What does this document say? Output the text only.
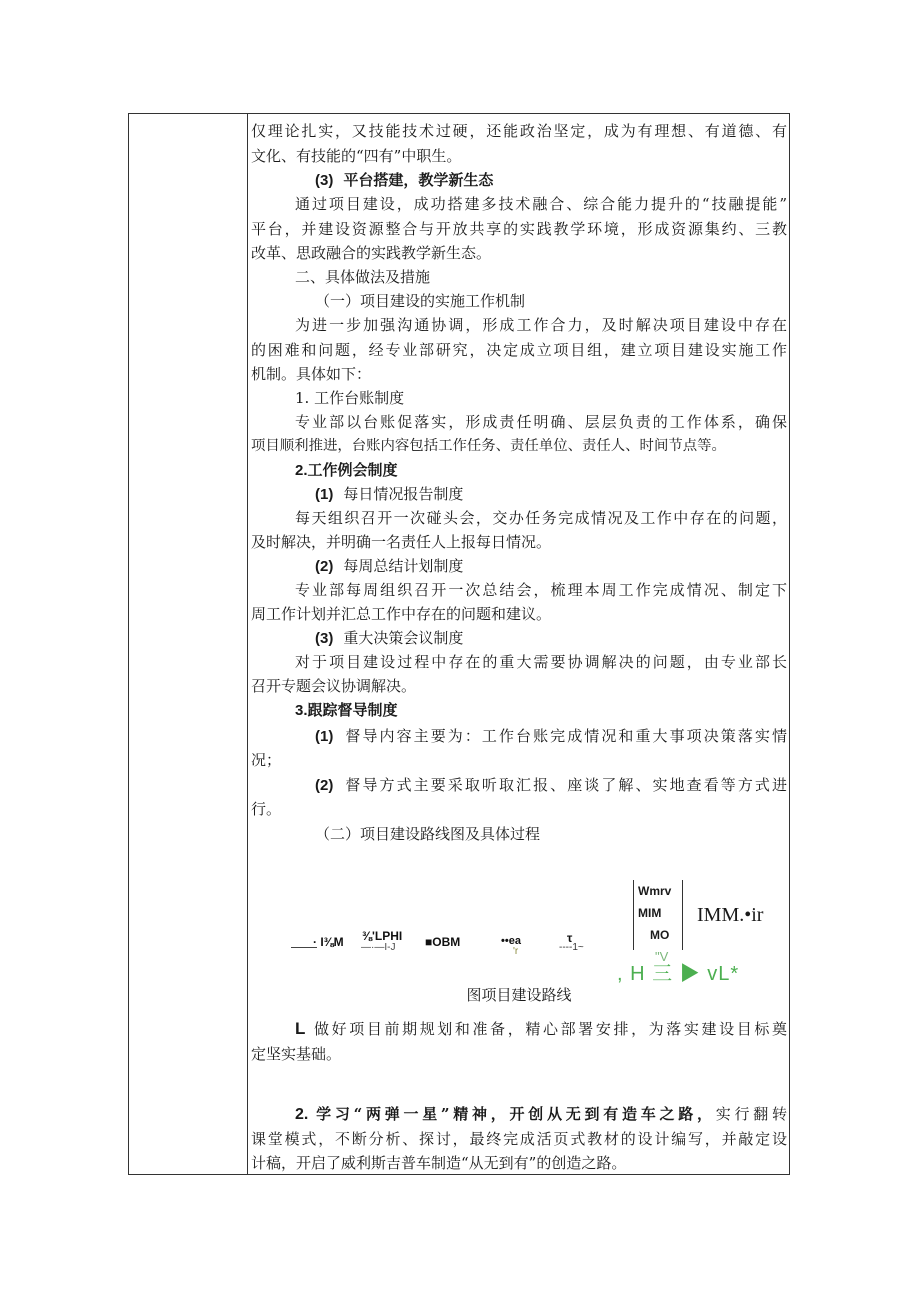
仅理论扎实，又技能技术过硬，还能政治坚定，成为有理想、有道德、有
文化、有技能的“四有”中职生。
(3) 平台搭建，教学新生态
通过项目建设，成功搭建多技术融合、综合能力提升的“技融提能”
平台，并建设资源整合与开放共享的实践教学环境，形成资源集约、三教
改革、思政融合的实践教学新生态。
二、具体做法及措施
（一）项目建设的实施工作机制
为进一步加强沟通协调，形成工作合力，及时解决项目建设中存在
的困难和问题，经专业部研究，决定成立项目组，建立项目建设实施工作
机制。具体如下：
1. 工作台账制度
专业部以台账促落实，形成责任明确、层层负责的工作体系，确保
项目顺利推进，台账内容包括工作任务、责任单位、责任人、时间节点等。
2.工作例会制度
(1) 每日情况报告制度
每天组织召开一次碰头会，交办任务完成情况及工作中存在的问题，
及时解决，并明确一名责任人上报每日情况。
(2) 每周总结计划制度
专业部每周组织召开一次总结会，梳理本周工作完成情况、制定下
周工作计划并汇总工作中存在的问题和建议。
(3) 重大决策会议制度
对于项目建设过程中存在的重大需要协调解决的问题，由专业部长
召开专题会议协调解决。
3.跟踪督导制度
(1) 督导内容主要为：工作台账完成情况和重大事项决策落实情
况；
(2) 督导方式主要采取听取汇报、座谈了解、实地查看等方式进
行。
（二）项目建设路线图及具体过程
· I⅜M ⅜'LPHI
—·—I-J ■OBM	••ea
'r
τ
----1~
Wmrv
MIM
MO
"V
IMM.•ir
, H 三 ▶ vL*
图项目建设路线
L 做好项目前期规划和准备，精心部署安排，为落实建设目标奠
定坚实基础。
2. 学习“两弹一星”精神，开创从无到有造车之路，实行翻转
课堂模式，不断分析、探讨，最终完成活页式教材的设计编写，并敲定设
计稿，开启了威利斯吉普车制造“从无到有”的创造之路。
